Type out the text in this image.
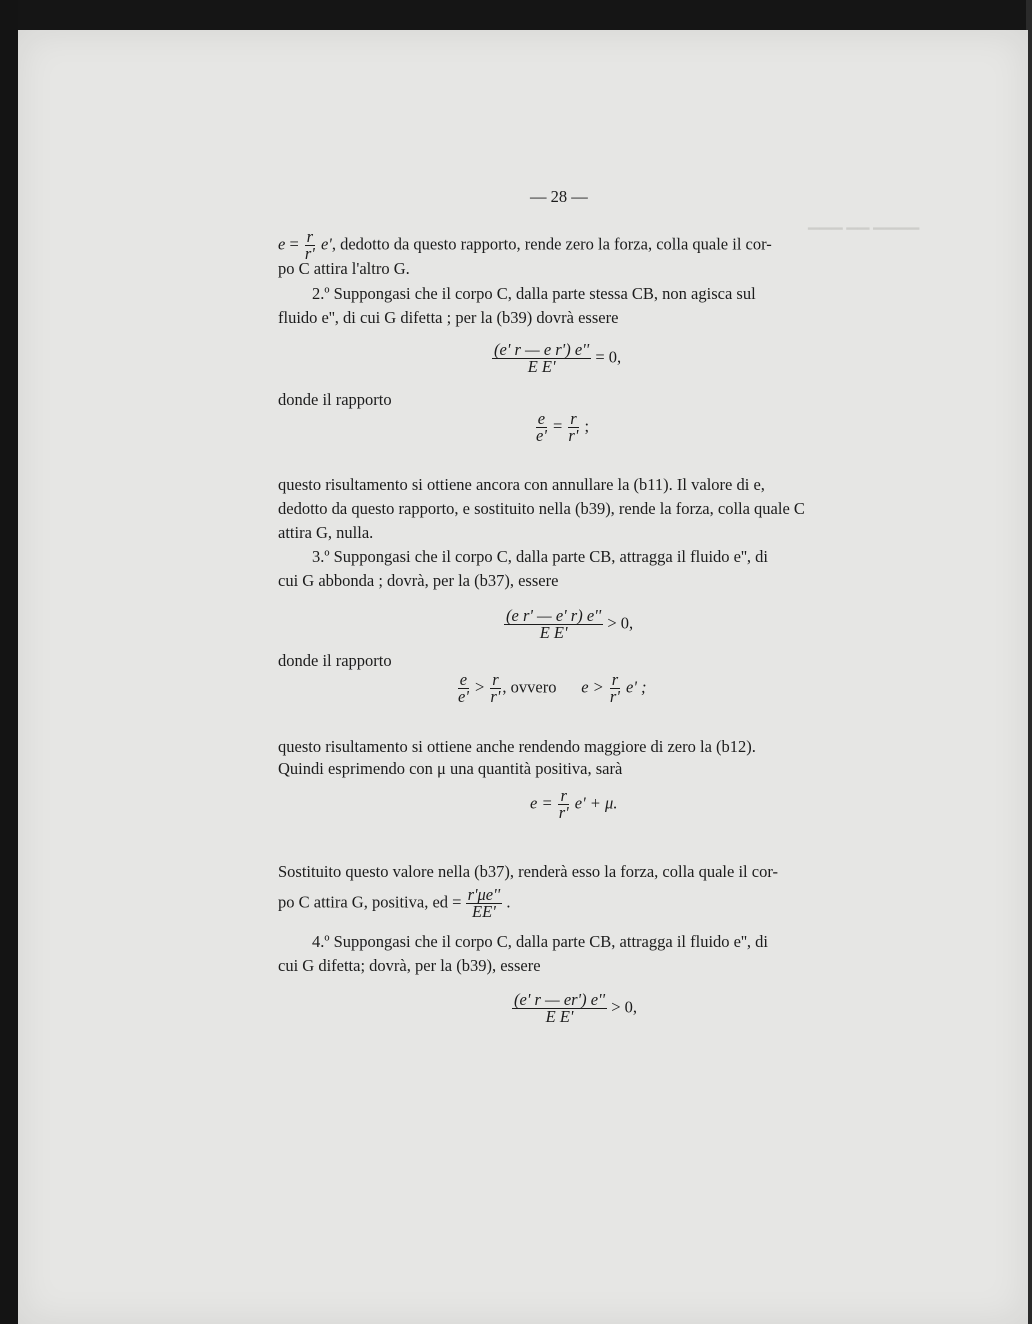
▁▁▁ ▁▁ ▁▁▁▁
— 28 —
$e = \frac{r}{r'} e'$, dedotto da questo rapporto, rende zero la forza, colla quale il cor-
po C attira l'altro G.
2.º Suppongasi che il corpo C, dalla parte stessa CB, non agisca sul
fluido e'', di cui G difetta ; per la (b39) dovrà essere
$\frac{\text{(e' r — e r') e''}}{\text{E E'}} = 0$,
donde il rapporto
$\frac{e}{e'} = \frac{r}{r'}$ ;
questo risultamento si ottiene ancora con annullare la (b11). Il valore di e,
dedotto da questo rapporto, e sostituito nella (b39), rende la forza, colla quale C
attira G, nulla.
3.º Suppongasi che il corpo C, dalla parte CB, attragga il fluido e'', di
cui G abbonda ; dovrà, per la (b37), essere
$\frac{\text{(e r' — e' r) e''}}{\text{E E'}} > 0$,
donde il rapporto
$\frac{e}{e'} > \frac{r}{r'}$ , ovvero $e > \frac{r}{r'} e'$ ;
questo risultamento si ottiene anche rendendo maggiore di zero la (b12).
Quindi esprimendo con μ una quantità positiva, sarà
$e = \frac{r}{r'} e' + \mu$.
Sostituito questo valore nella (b37), renderà esso la forza, colla quale il cor-
po C attira G, positiva, ed = $\frac{r'\mu e''}{EE'}$ .
4.º Suppongasi che il corpo C, dalla parte CB, attragga il fluido e'', di
cui G difetta; dovrà, per la (b39), essere
$\frac{(e' r — er') e''}{\text{E E'}} > 0$,
